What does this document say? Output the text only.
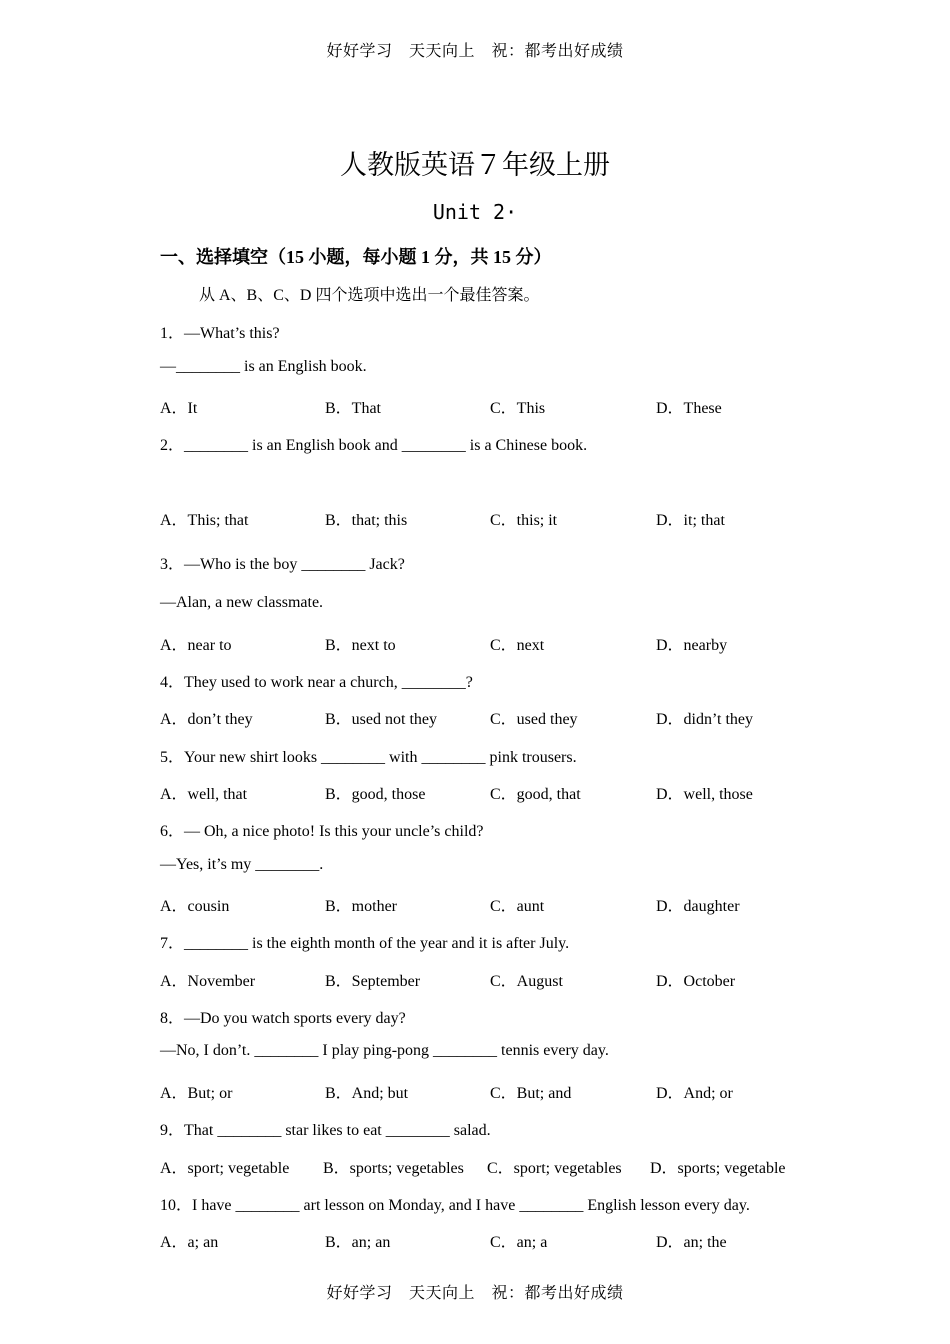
好好学习　天天向上　祝：都考出好成绩
人教版英语７年级上册
Unit 2·
一、选择填空（15 小题，每小题 1 分，共 15 分）
从 A、B、C、D 四个选项中选出一个最佳答案。
1．—What’s this?
—________ is an English book.
A．It	B．That	C．This	D．These
2．________ is an English book and ________ is a Chinese book.
A．This; that	B．that; this	C．this; it	D．it; that
3．—Who is the boy ________ Jack?
—Alan, a new classmate.
A．near to	B．next to	C．next	D．nearby
4．They used to work near a church, ________?
A．don’t they	B．used not they	C．used they	D．didn’t they
5．Your new shirt looks ________ with ________ pink trousers.
A．well, that	B．good, those	C．good, that	D．well, those
6．— Oh, a nice photo! Is this your uncle’s child?
—Yes, it’s my ________.
A．cousin	B．mother	C．aunt	D．daughter
7．________ is the eighth month of the year and it is after July.
A．November	B．September	C．August	D．October
8．—Do you watch sports every day?
—No, I don’t. ________ I play ping-pong ________ tennis every day.
A．But; or	B．And; but	C．But; and	D．And; or
9．That ________ star likes to eat ________ salad.
A．sport; vegetable B．sports; vegetables C．sport; vegetables D．sports; vegetable
10．I have ________ art lesson on Monday, and I have ________ English lesson every day.
A．a; an	B．an; an	C．an; a	D．an; the
好好学习　天天向上　祝：都考出好成绩
